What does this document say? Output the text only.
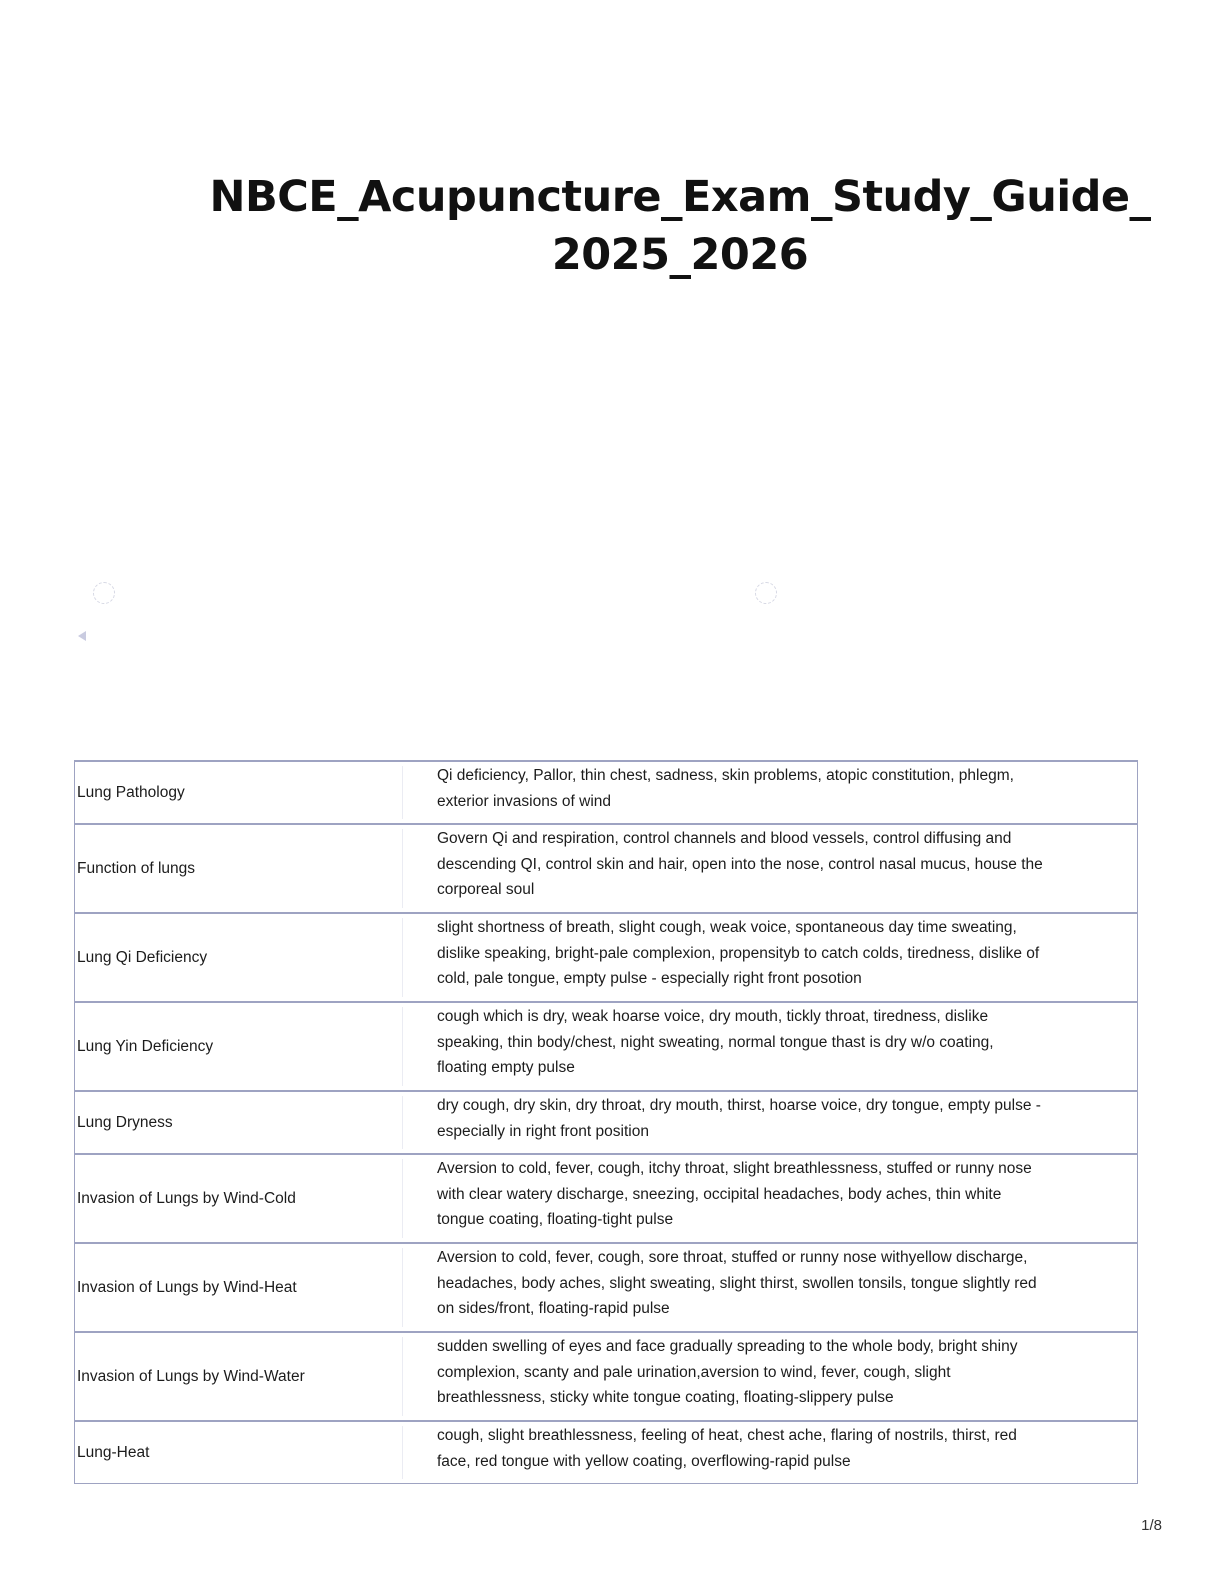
NBCE_Acupuncture_Exam_Study_Guide_
2025_2026
Lung Pathology
Qi deficiency, Pallor, thin chest, sadness, skin problems, atopic constitution, phlegm, exterior invasions of wind
Function of lungs
Govern Qi and respiration, control channels and blood vessels, control diffusing and descending QI, control skin and hair, open into the nose, control nasal mucus, house the corporeal soul
Lung Qi Deficiency
slight shortness of breath, slight cough, weak voice, spontaneous day time sweating, dislike speaking, bright-pale complexion, propensityb to catch colds, tiredness, dislike of cold, pale tongue, empty pulse - especially right front posotion
Lung Yin Deficiency
cough which is dry, weak hoarse voice, dry mouth, tickly throat, tiredness, dislike speaking, thin body/chest, night sweating, normal tongue thast is dry w/o coating, floating empty pulse
Lung Dryness
dry cough, dry skin, dry throat, dry mouth, thirst, hoarse voice, dry tongue, empty pulse - especially in right front position
Invasion of Lungs by Wind-Cold
Aversion to cold, fever, cough, itchy throat, slight breathlessness, stuffed or runny nose with clear watery discharge, sneezing, occipital headaches, body aches, thin white tongue coating, floating-tight pulse
Invasion of Lungs by Wind-Heat
Aversion to cold, fever, cough, sore throat, stuffed or runny nose withyellow discharge, headaches, body aches, slight sweating, slight thirst, swollen tonsils, tongue slightly red on sides/front, floating-rapid pulse
Invasion of Lungs by Wind-Water
sudden swelling of eyes and face gradually spreading to the whole body, bright shiny complexion, scanty and pale urination,aversion to wind, fever, cough, slight breathlessness, sticky white tongue coating, floating-slippery pulse
Lung-Heat
cough, slight breathlessness, feeling of heat, chest ache, flaring of nostrils, thirst, red face, red tongue with yellow coating, overflowing-rapid pulse
1/8
